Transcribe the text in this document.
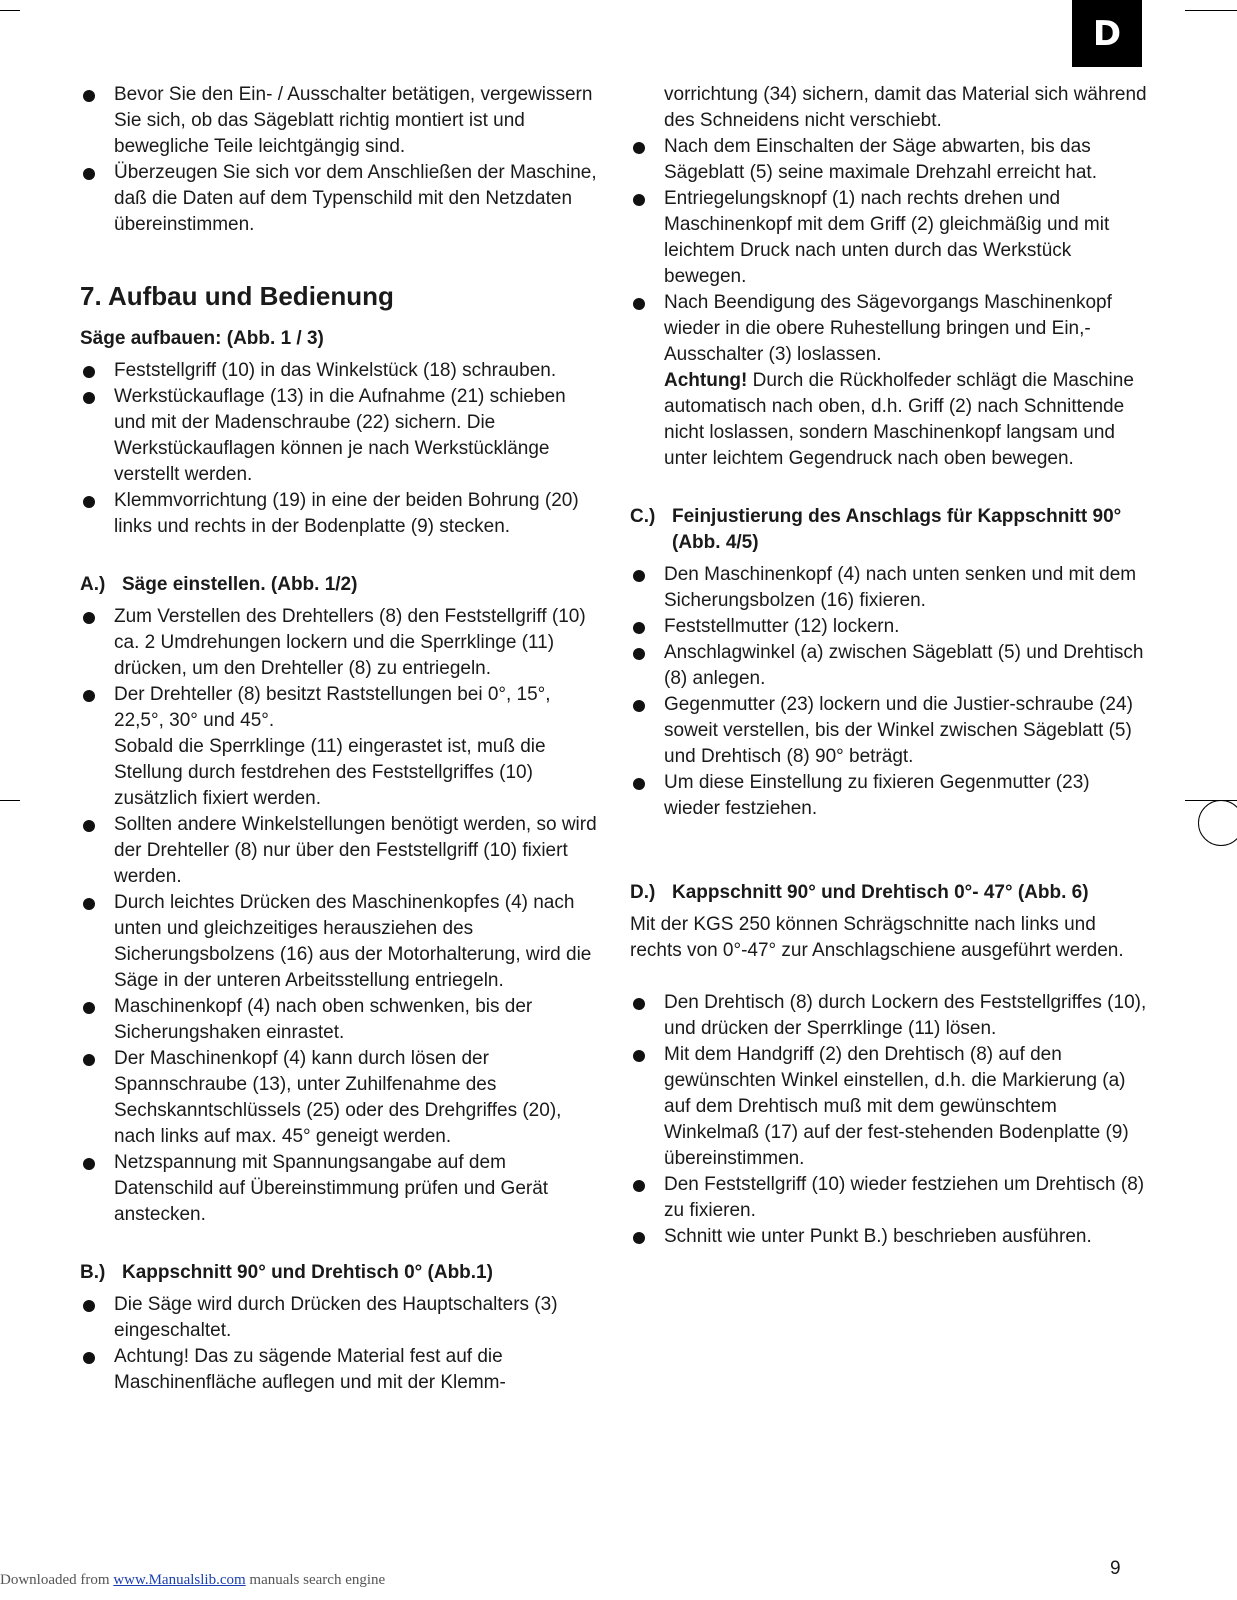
D
Bevor Sie den Ein- / Ausschalter betätigen, vergewissern Sie sich, ob das Sägeblatt richtig montiert ist und bewegliche Teile leichtgängig sind.
Überzeugen Sie sich vor dem Anschließen der Maschine, daß die Daten auf dem Typenschild mit den Netzdaten übereinstimmen.
7. Aufbau und Bedienung
Säge aufbauen: (Abb. 1 / 3)
Feststellgriff (10) in das Winkelstück (18) schrauben.
Werkstückauflage (13) in die Aufnahme (21) schieben und mit der Madenschraube (22) sichern. Die Werkstückauflagen können je nach Werkstücklänge verstellt werden.
Klemmvorrichtung (19) in eine der beiden Bohrung (20) links und rechts in der Bodenplatte (9) stecken.
A.) Säge einstellen. (Abb. 1/2)
Zum Verstellen des Drehtellers (8) den Feststellgriff (10) ca. 2 Umdrehungen lockern und die Sperrklinge (11) drücken, um den Drehteller (8) zu entriegeln.
Der Drehteller (8) besitzt Raststellungen bei 0°, 15°, 22,5°, 30° und 45°.
Sobald die Sperrklinge (11) eingerastet ist, muß die Stellung durch festdrehen des Feststellgriffes (10) zusätzlich fixiert werden.
Sollten andere Winkelstellungen benötigt werden, so wird der Drehteller (8) nur über den Feststellgriff (10) fixiert werden.
Durch leichtes Drücken des Maschinenkopfes (4) nach unten und gleichzeitiges herausziehen des Sicherungsbolzens (16) aus der Motorhalterung, wird die Säge in der unteren Arbeitsstellung entriegeln.
Maschinenkopf (4) nach oben schwenken, bis der Sicherungshaken einrastet.
Der Maschinenkopf (4) kann durch lösen der Spannschraube (13), unter Zuhilfenahme des Sechskanntschlüssels (25) oder des Drehgriffes (20), nach links auf max. 45° geneigt werden.
Netzspannung mit Spannungsangabe auf dem Datenschild auf Übereinstimmung prüfen und Gerät anstecken.
B.) Kappschnitt 90° und Drehtisch 0° (Abb.1)
Die Säge wird durch Drücken des Hauptschalters (3) eingeschaltet.
Achtung! Das zu sägende Material fest auf die Maschinenfläche auflegen und mit der Klemm-

vorrichtung (34) sichern, damit das Material sich während des Schneidens nicht verschiebt.

Nach dem Einschalten der Säge abwarten, bis das Sägeblatt (5) seine maximale Drehzahl erreicht hat.
Entriegelungsknopf (1) nach rechts drehen und Maschinenkopf mit dem Griff (2) gleichmäßig und mit leichtem Druck nach unten durch das Werkstück bewegen.
Nach Beendigung des Sägevorgangs Maschinenkopf wieder in die obere Ruhestellung bringen und Ein,- Ausschalter (3) loslassen.
Achtung! Durch die Rückholfeder schlägt die Maschine automatisch nach oben, d.h. Griff (2) nach Schnittende nicht loslassen, sondern Maschinenkopf langsam und unter leichtem Gegendruck nach oben bewegen.
C.) Feinjustierung des Anschlags für Kappschnitt 90° (Abb. 4/5)
Den Maschinenkopf (4) nach unten senken und mit dem Sicherungsbolzen (16) fixieren.
Feststellmutter (12) lockern.
Anschlagwinkel (a) zwischen Sägeblatt (5) und Drehtisch (8) anlegen.
Gegenmutter (23) lockern und die Justier-schraube (24) soweit verstellen, bis der Winkel zwischen Sägeblatt (5) und Drehtisch (8) 90° beträgt.
Um diese Einstellung zu fixieren Gegenmutter (23) wieder festziehen.
D.) Kappschnitt 90° und Drehtisch 0°- 47° (Abb. 6)

Mit der KGS 250 können Schrägschnitte nach links und rechts von 0°-47° zur Anschlagschiene ausgeführt werden.

Den Drehtisch (8) durch Lockern des Feststellgriffes (10), und drücken der Sperrklinge (11) lösen.
Mit dem Handgriff (2) den Drehtisch (8) auf den gewünschten Winkel einstellen, d.h. die Markierung (a) auf dem Drehtisch muß mit dem gewünschtem Winkelmaß (17) auf der fest-stehenden Bodenplatte (9) übereinstimmen.
Den Feststellgriff (10) wieder festziehen um Drehtisch (8) zu fixieren.
Schnitt wie unter Punkt B.) beschrieben ausführen.
Downloaded from www.Manualslib.com manuals search engine
9
